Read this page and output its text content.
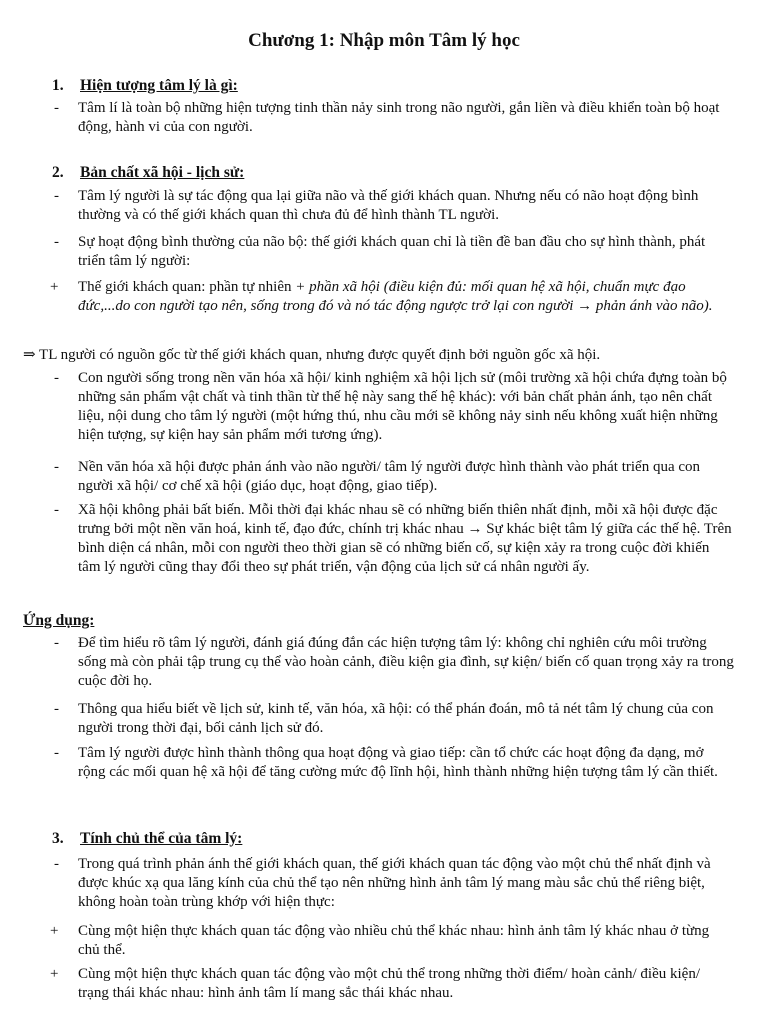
Chương 1: Nhập môn Tâm lý học
1. Hiện tượng tâm lý là gì:
-	Tâm lí là toàn bộ những hiện tượng tinh thần nảy sinh trong não người, gắn liền và điều khiển toàn bộ hoạt động, hành vi của con người.
2. Bản chất xã hội - lịch sử:
-	Tâm lý người là sự tác động qua lại giữa não và thế giới khách quan. Nhưng nếu có não hoạt động bình thường và có thế giới khách quan thì chưa đủ để hình thành TL người.
-	Sự hoạt động bình thường của não bộ: thế giới khách quan chỉ là tiền đề ban đầu cho sự hình thành, phát triển tâm lý người:
+	Thế giới khách quan: phần tự nhiên + phần xã hội (điều kiện đủ: mối quan hệ xã hội, chuẩn mực đạo đức,...do con người tạo nên, sống trong đó và nó tác động ngược trở lại con người → phản ánh vào não).
⇒ TL người có nguồn gốc từ thế giới khách quan, nhưng được quyết định bởi nguồn gốc xã hội.
-	Con người sống trong nền văn hóa xã hội/ kinh nghiệm xã hội lịch sử (môi trường xã hội chứa đựng toàn bộ những sản phẩm vật chất và tinh thần từ thế hệ này sang thế hệ khác): với bản chất phản ánh, tạo nên chất liệu, nội dung cho tâm lý người (một hứng thú, nhu cầu mới sẽ không nảy sinh nếu không xuất hiện những hiện tượng, sự kiện hay sản phẩm mới tương ứng).
-	Nền văn hóa xã hội được phản ánh vào não người/ tâm lý người được hình thành vào phát triển qua con người xã hội/ cơ chế xã hội (giáo dục, hoạt động, giao tiếp).
-	Xã hội không phải bất biến. Mỗi thời đại khác nhau sẽ có những biến thiên nhất định, mỗi xã hội được đặc trưng bởi một nền văn hoá, kinh tế, đạo đức, chính trị khác nhau → Sự khác biệt tâm lý giữa các thế hệ. Trên bình diện cá nhân, mỗi con người theo thời gian sẽ có những biến cố, sự kiện xảy ra trong cuộc đời khiến tâm lý người cũng thay đổi theo sự phát triển, vận động của lịch sử cá nhân người ấy.
Ứng dụng:
-	Để tìm hiểu rõ tâm lý người, đánh giá đúng đắn các hiện tượng tâm lý: không chỉ nghiên cứu môi trường sống mà còn phải tập trung cụ thể vào hoàn cảnh, điều kiện gia đình, sự kiện/ biến cố quan trọng xảy ra trong cuộc đời họ.
-	Thông qua hiểu biết về lịch sử, kinh tế, văn hóa, xã hội: có thể phán đoán, mô tả nét tâm lý chung của con người trong thời đại, bối cảnh lịch sử đó.
-	Tâm lý người được hình thành thông qua hoạt động và giao tiếp: cần tổ chức các hoạt động đa dạng, mở rộng các mối quan hệ xã hội để tăng cường mức độ lĩnh hội, hình thành những hiện tượng tâm lý cần thiết.
3. Tính chủ thể của tâm lý:
-	Trong quá trình phản ánh thế giới khách quan, thế giới khách quan tác động vào một chủ thể nhất định và được khúc xạ qua lăng kính của chủ thể tạo nên những hình ảnh tâm lý mang màu sắc chủ thể riêng biệt, không hoàn toàn trùng khớp với hiện thực:
+	Cùng một hiện thực khách quan tác động vào nhiều chủ thể khác nhau: hình ảnh tâm lý khác nhau ở từng chủ thể.
+	Cùng một hiện thực khách quan tác động vào một chủ thể trong những thời điểm/ hoàn cảnh/ điều kiện/ trạng thái khác nhau: hình ảnh tâm lí mang sắc thái khác nhau.
